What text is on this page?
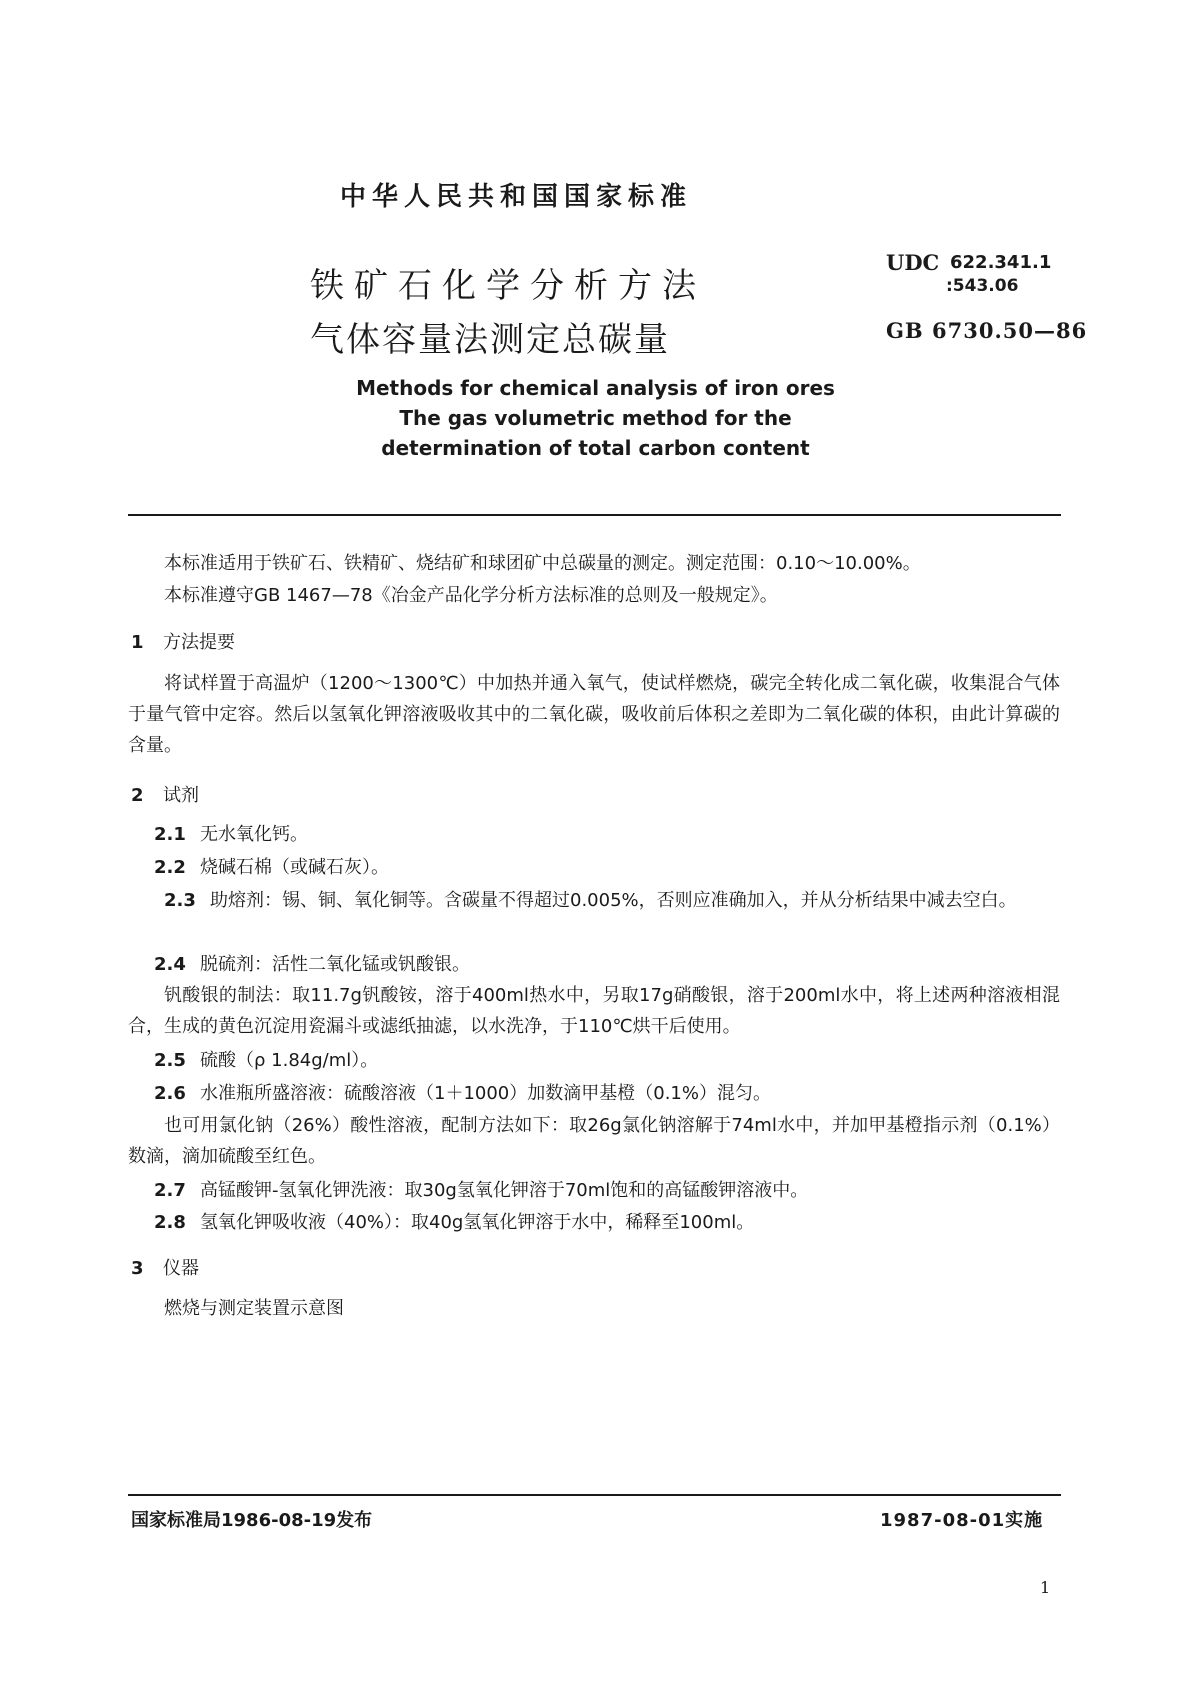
中华人民共和国国家标准
铁矿石化学分析方法
气体容量法测定总碳量
UDC 622.341.1
:543.06
GB 6730.50—86
Methods for chemical analysis of iron ores
The gas volumetric method for the
determination of total carbon content
本标准适用于铁矿石、铁精矿、烧结矿和球团矿中总碳量的测定。测定范围：0.10～10.00%。
本标准遵守GB 1467—78《冶金产品化学分析方法标准的总则及一般规定》。
1 方法提要
将试样置于高温炉（1200～1300℃）中加热并通入氧气，使试样燃烧，碳完全转化成二氧化碳，收集混合气体于量气管中定容。然后以氢氧化钾溶液吸收其中的二氧化碳，吸收前后体积之差即为二氧化碳的体积，由此计算碳的含量。
2 试剂
2.1 无水氧化钙。
2.2 烧碱石棉（或碱石灰）。
2.3 助熔剂：锡、铜、氧化铜等。含碳量不得超过0.005%，否则应准确加入，并从分析结果中减去空白。
2.4 脱硫剂：活性二氧化锰或钒酸银。
钒酸银的制法：取11.7g钒酸铵，溶于400ml热水中，另取17g硝酸银，溶于200ml水中，将上述两种溶液相混合，生成的黄色沉淀用瓷漏斗或滤纸抽滤，以水洗净，于110℃烘干后使用。
2.5 硫酸（ρ 1.84g/ml）。
2.6 水准瓶所盛溶液：硫酸溶液（1＋1000）加数滴甲基橙（0.1%）混匀。
也可用氯化钠（26%）酸性溶液，配制方法如下：取26g氯化钠溶解于74ml水中，并加甲基橙指示剂（0.1%）数滴，滴加硫酸至红色。
2.7 高锰酸钾-氢氧化钾洗液：取30g氢氧化钾溶于70ml饱和的高锰酸钾溶液中。
2.8 氢氧化钾吸收液（40%）：取40g氢氧化钾溶于水中，稀释至100ml。
3 仪器
燃烧与测定装置示意图
国家标准局1986-08-19发布	1987-08-01实施
1
